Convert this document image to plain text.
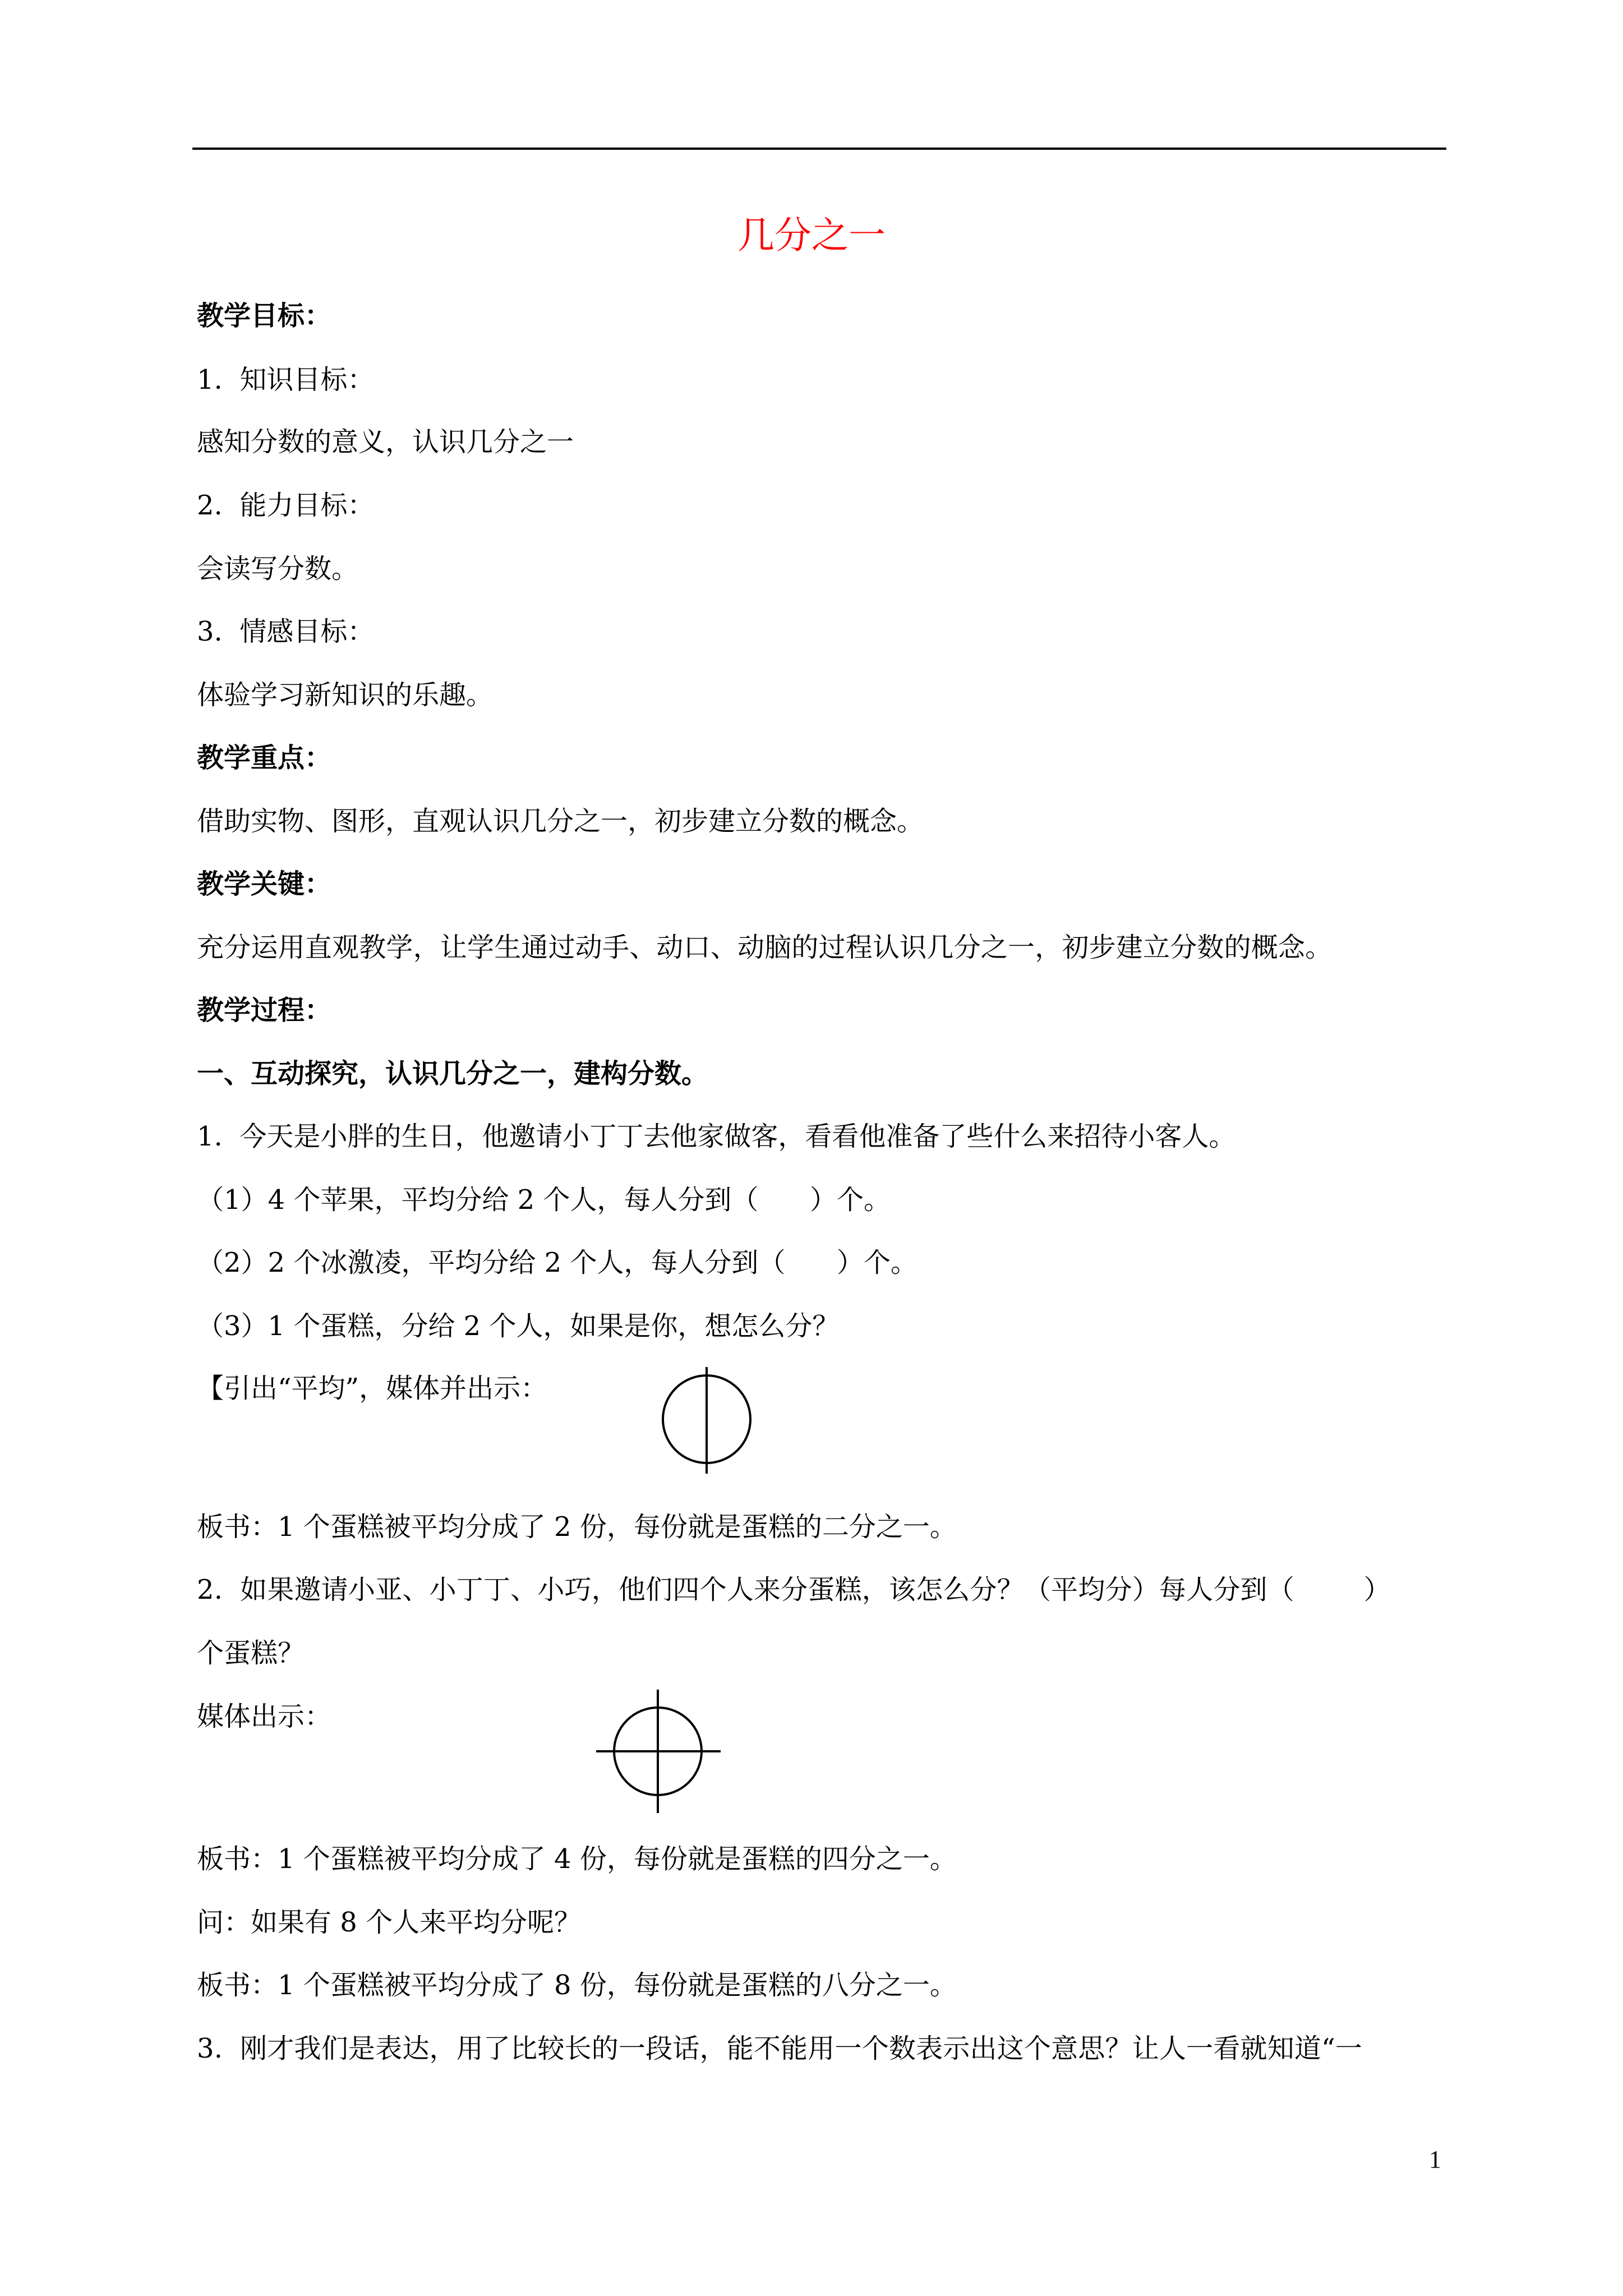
几分之一
教学目标：
1.  知识目标：
感知分数的意义，认识几分之一
2.  能力目标：
会读写分数。
3.  情感目标：
体验学习新知识的乐趣。
教学重点：
借助实物、图形，直观认识几分之一，初步建立分数的概念。
教学关键：
充分运用直观教学，让学生通过动手、动口、动脑的过程认识几分之一，初步建立分数的概念。
教学过程：
一、互动探究，认识几分之一，建构分数。
1.  今天是小胖的生日，他邀请小丁丁去他家做客，看看他准备了些什么来招待小客人。
（1）4 个苹果，平均分给 2 个人，每人分到（      ）个。
（2）2 个冰激凌，平均分给 2 个人，每人分到（      ）个。
（3）1 个蛋糕，分给 2 个人，如果是你，想怎么分？
【引出“平均”，媒体并出示：
板书：1 个蛋糕被平均分成了 2 份，每份就是蛋糕的二分之一。
2.  如果邀请小亚、小丁丁、小巧，他们四个人来分蛋糕，该怎么分？（平均分）每人分到（        ）
个蛋糕？
媒体出示：
板书：1 个蛋糕被平均分成了 4 份，每份就是蛋糕的四分之一。
问：如果有 8 个人来平均分呢？
板书：1 个蛋糕被平均分成了 8 份，每份就是蛋糕的八分之一。
3.  刚才我们是表达，用了比较长的一段话，能不能用一个数表示出这个意思？让人一看就知道“一
1
